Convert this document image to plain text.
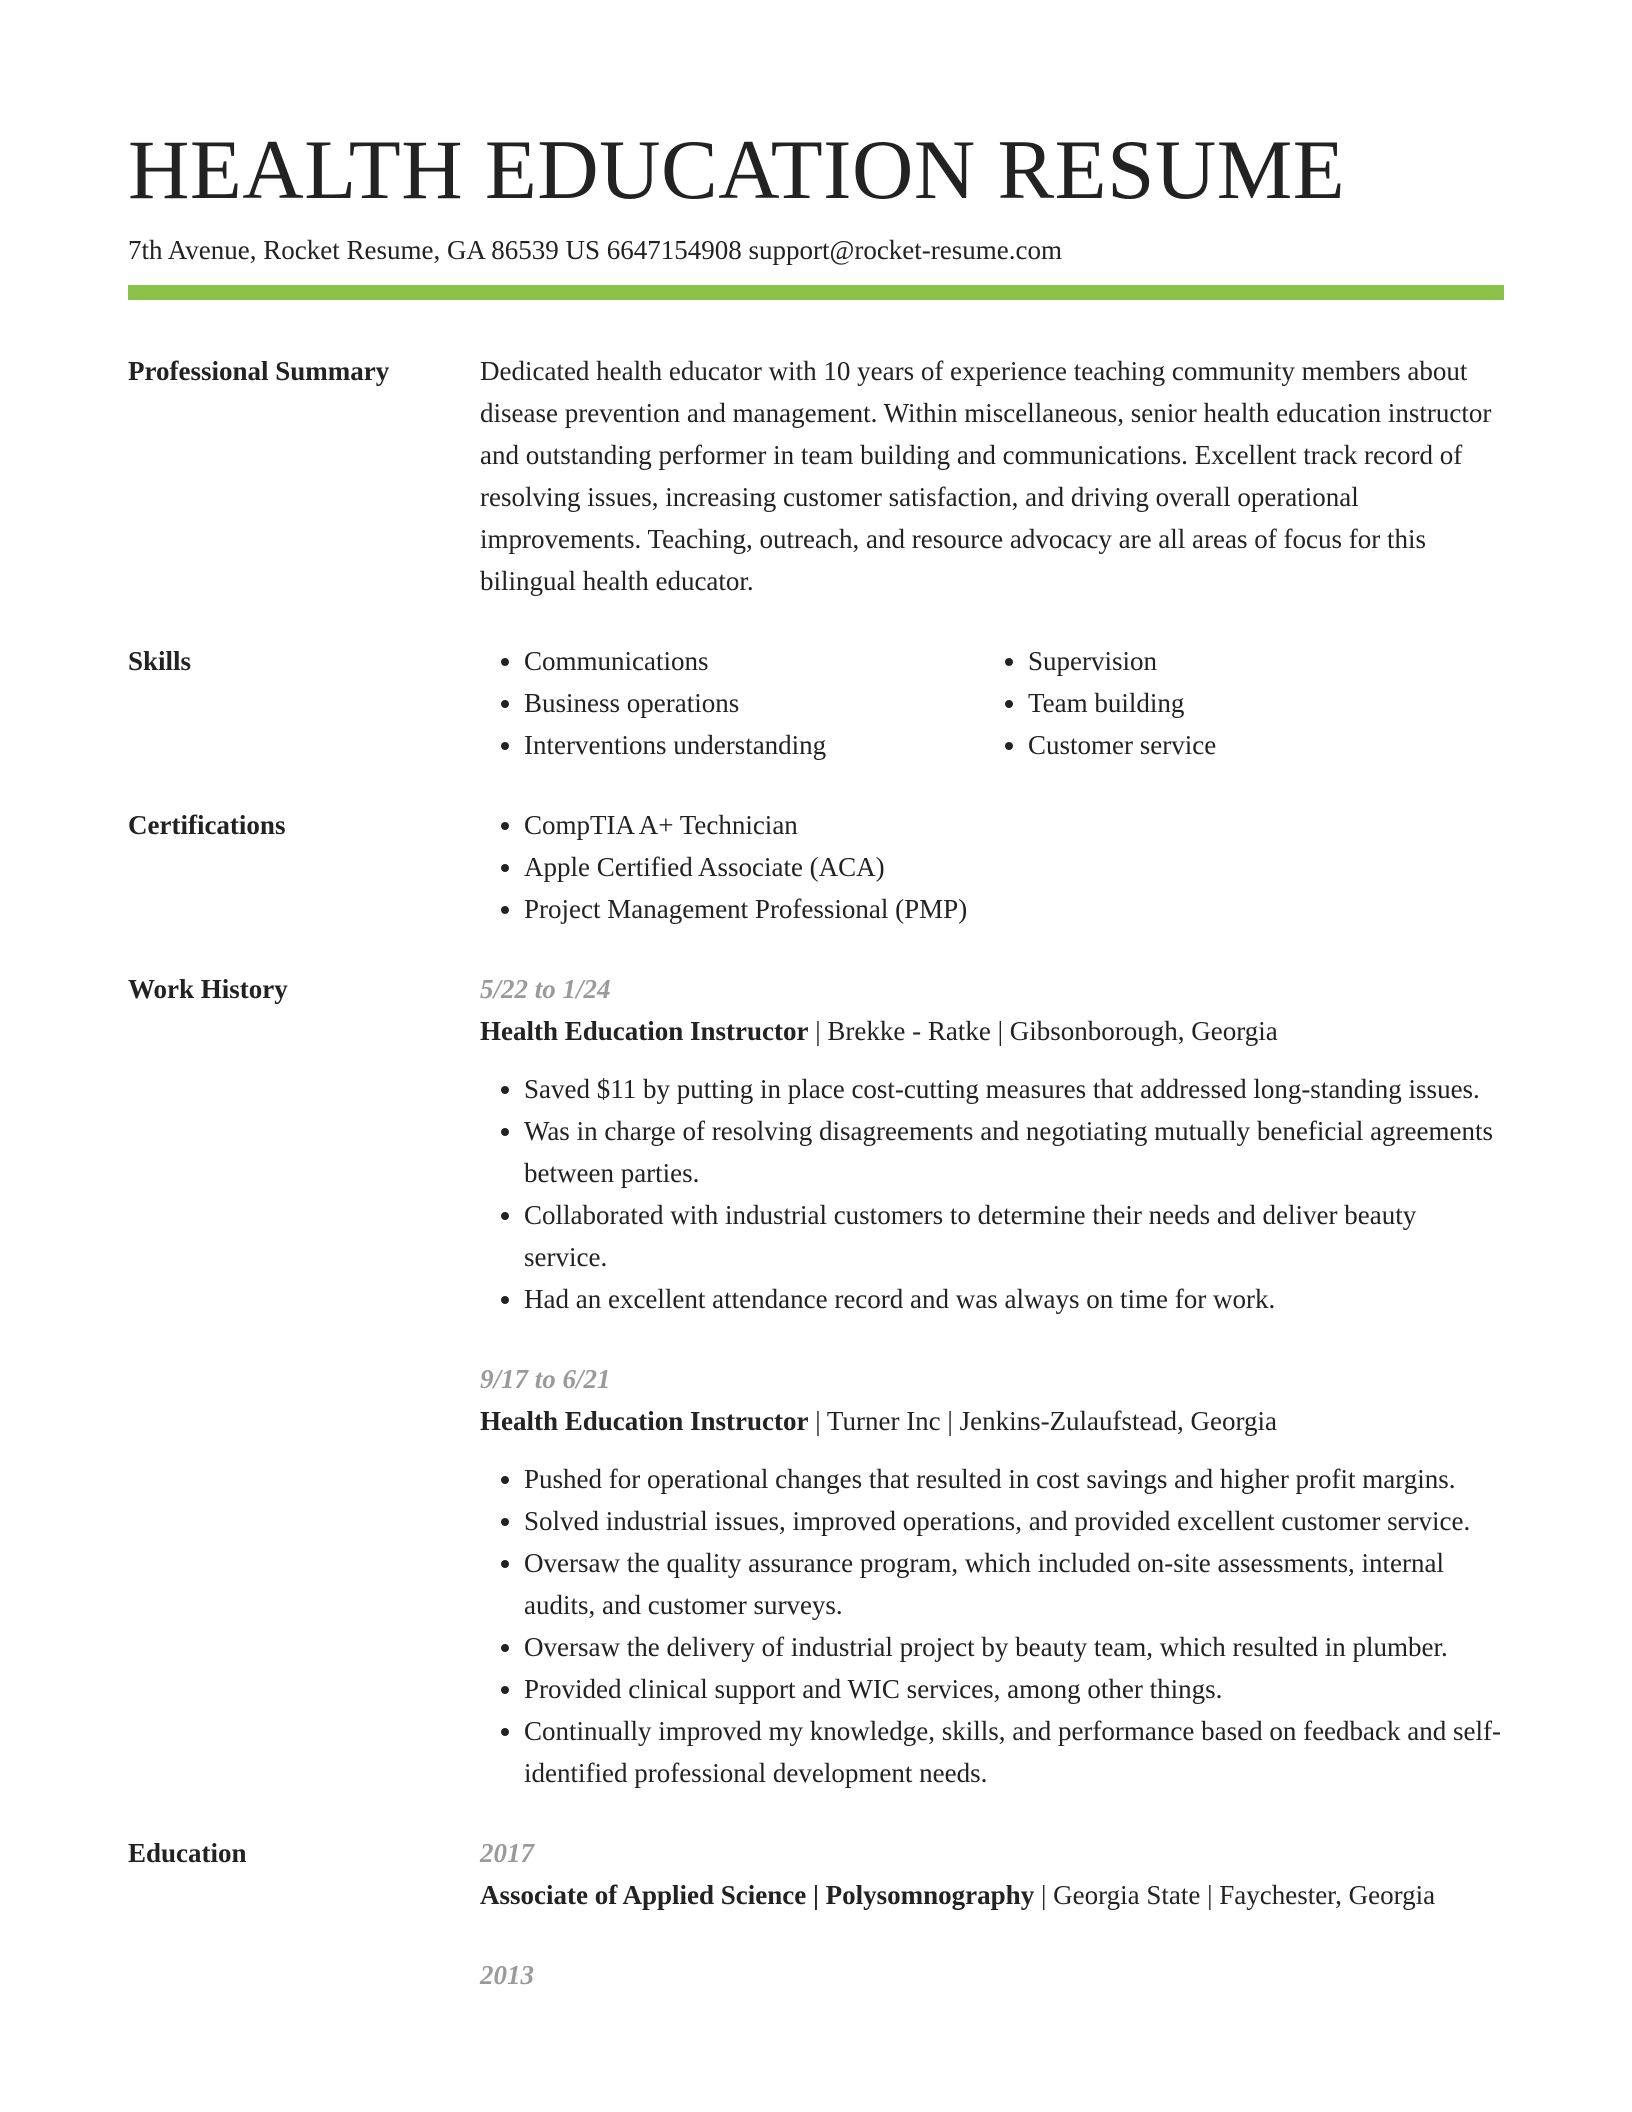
HEALTH EDUCATION RESUME
7th Avenue, Rocket Resume, GA 86539 US 6647154908 support@rocket-resume.com
Professional Summary	Dedicated health educator with 10 years of experience teaching community members about disease prevention and management. Within miscellaneous, senior health education instructor and outstanding performer in team building and communications. Excellent track record of resolving issues, increasing customer satisfaction, and driving overall operational improvements. Teaching, outreach, and resource advocacy are all areas of focus for this bilingual health educator.

Skills	• Communications
• Business operations
• Interventions understanding
• Supervision
• Team building
• Customer service
Certifications	• CompTIA A+ Technician
• Apple Certified Associate (ACA)
• Project Management Professional (PMP)
Work History	5/22 to 1/24
Health Education Instructor | Brekke - Ratke | Gibsonborough, Georgia
• Saved $11 by putting in place cost-cutting measures that addressed long-standing issues.
• Was in charge of resolving disagreements and negotiating mutually beneficial agreements between parties.
• Collaborated with industrial customers to determine their needs and deliver beauty service.
• Had an excellent attendance record and was always on time for work.
9/17 to 6/21
Health Education Instructor | Turner Inc | Jenkins-Zulaufstead, Georgia
• Pushed for operational changes that resulted in cost savings and higher profit margins.
• Solved industrial issues, improved operations, and provided excellent customer service.
• Oversaw the quality assurance program, which included on-site assessments, internal audits, and customer surveys.
• Oversaw the delivery of industrial project by beauty team, which resulted in plumber.
• Provided clinical support and WIC services, among other things.
• Continually improved my knowledge, skills, and performance based on feedback and self-identified professional development needs.
Education	2017
Associate of Applied Science | Polysomnography | Georgia State | Faychester, Georgia
2013
